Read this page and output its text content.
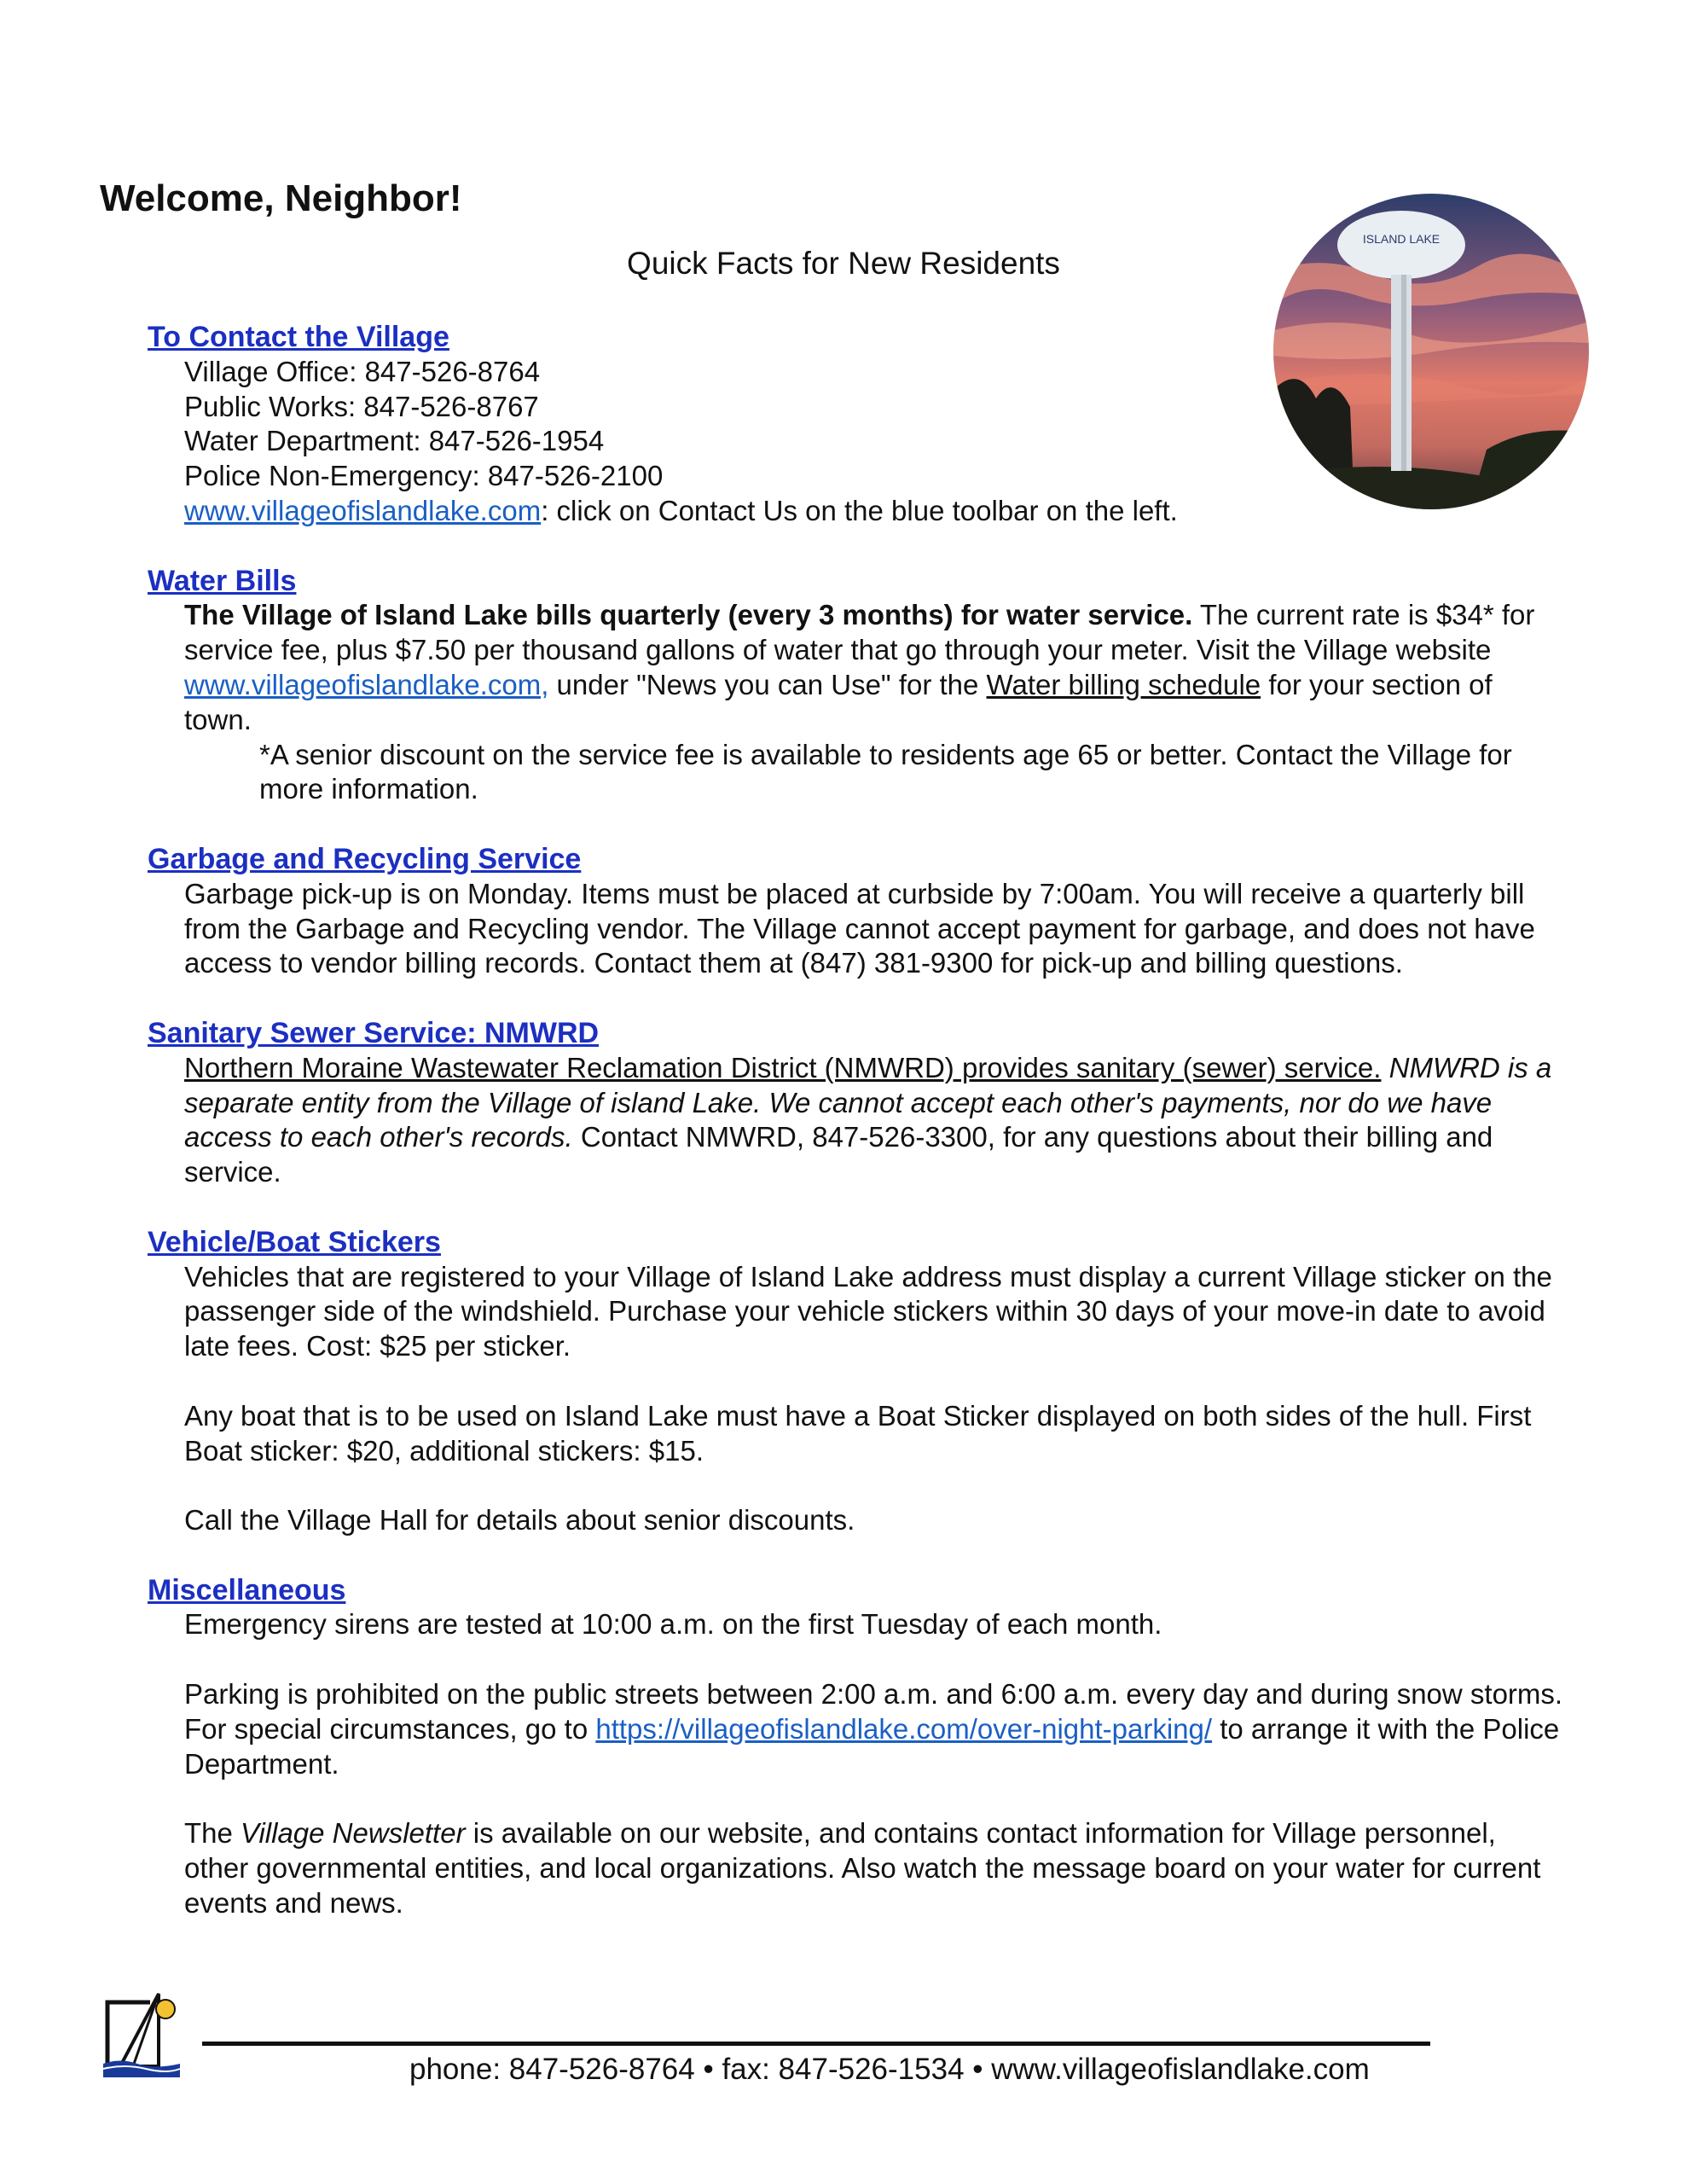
Welcome, Neighbor!
Quick Facts for New Residents
ISLAND LAKE
To Contact the Village
Village Office: 847-526-8764
Public Works: 847-526-8767
Water Department: 847-526-1954
Police Non-Emergency: 847-526-2100
www.villageofislandlake.com: click on Contact Us on the blue toolbar on the left.
Water Bills
The Village of Island Lake bills quarterly (every 3 months) for water service. The current rate is $34* for service fee, plus $7.50 per thousand gallons of water that go through your meter. Visit the Village website www.villageofislandlake.com, under "News you can Use" for the Water billing schedule for your section of town.
*A senior discount on the service fee is available to residents age 65 or better. Contact the Village for more information.
Garbage and Recycling Service
Garbage pick-up is on Monday. Items must be placed at curbside by 7:00am. You will receive a quarterly bill from the Garbage and Recycling vendor. The Village cannot accept payment for garbage, and does not have access to vendor billing records. Contact them at (847) 381-9300 for pick-up and billing questions.
Sanitary Sewer Service: NMWRD
Northern Moraine Wastewater Reclamation District (NMWRD) provides sanitary (sewer) service. NMWRD is a separate entity from the Village of island Lake. We cannot accept each other's payments, nor do we have access to each other's records. Contact NMWRD, 847-526-3300, for any questions about their billing and service.
Vehicle/Boat Stickers
Vehicles that are registered to your Village of Island Lake address must display a current Village sticker on the passenger side of the windshield. Purchase your vehicle stickers within 30 days of your move-in date to avoid late fees. Cost: $25 per sticker.
Any boat that is to be used on Island Lake must have a Boat Sticker displayed on both sides of the hull. First Boat sticker: $20, additional stickers: $15.
Call the Village Hall for details about senior discounts.
Miscellaneous
Emergency sirens are tested at 10:00 a.m. on the first Tuesday of each month.
Parking is prohibited on the public streets between 2:00 a.m. and 6:00 a.m. every day and during snow storms. For special circumstances, go to https://villageofislandlake.com/over-night-parking/ to arrange it with the Police Department.
The Village Newsletter is available on our website, and contains contact information for Village personnel, other governmental entities, and local organizations. Also watch the message board on your water for current events and news.
phone: 847-526-8764 • fax: 847-526-1534 • www.villageofislandlake.com
